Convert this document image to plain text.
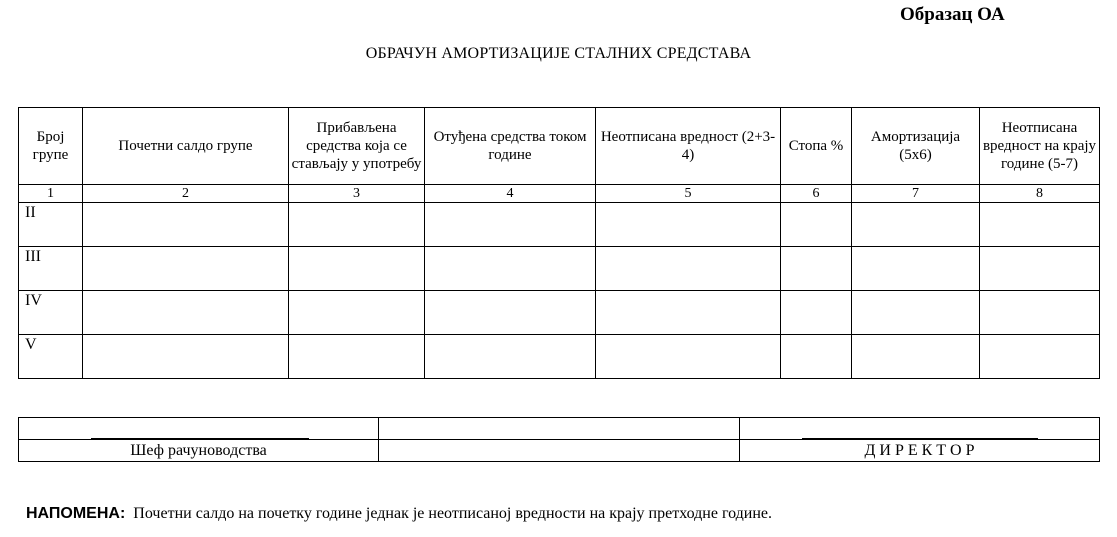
Образац ОА
ОБРАЧУН АМОРТИЗАЦИЈЕ СТАЛНИХ СРЕДСТАВА
Број групе	Почетни салдо групе	Прибављена средства која се стављају у употребу	Отуђена средства током године	Неотписана вредност (2+3-4)	Стопа %	Амортизација (5x6)	Неотписана вредност на крају године (5-7)
1	2	3	4	5	6	7	8
II							
III							
IV							
V							

Шеф рачуноводства		Д И Р Е К Т О Р
НАПОМЕНА: Почетни салдо на почетку године једнак је неотписаној вредности на крају претходне године.
